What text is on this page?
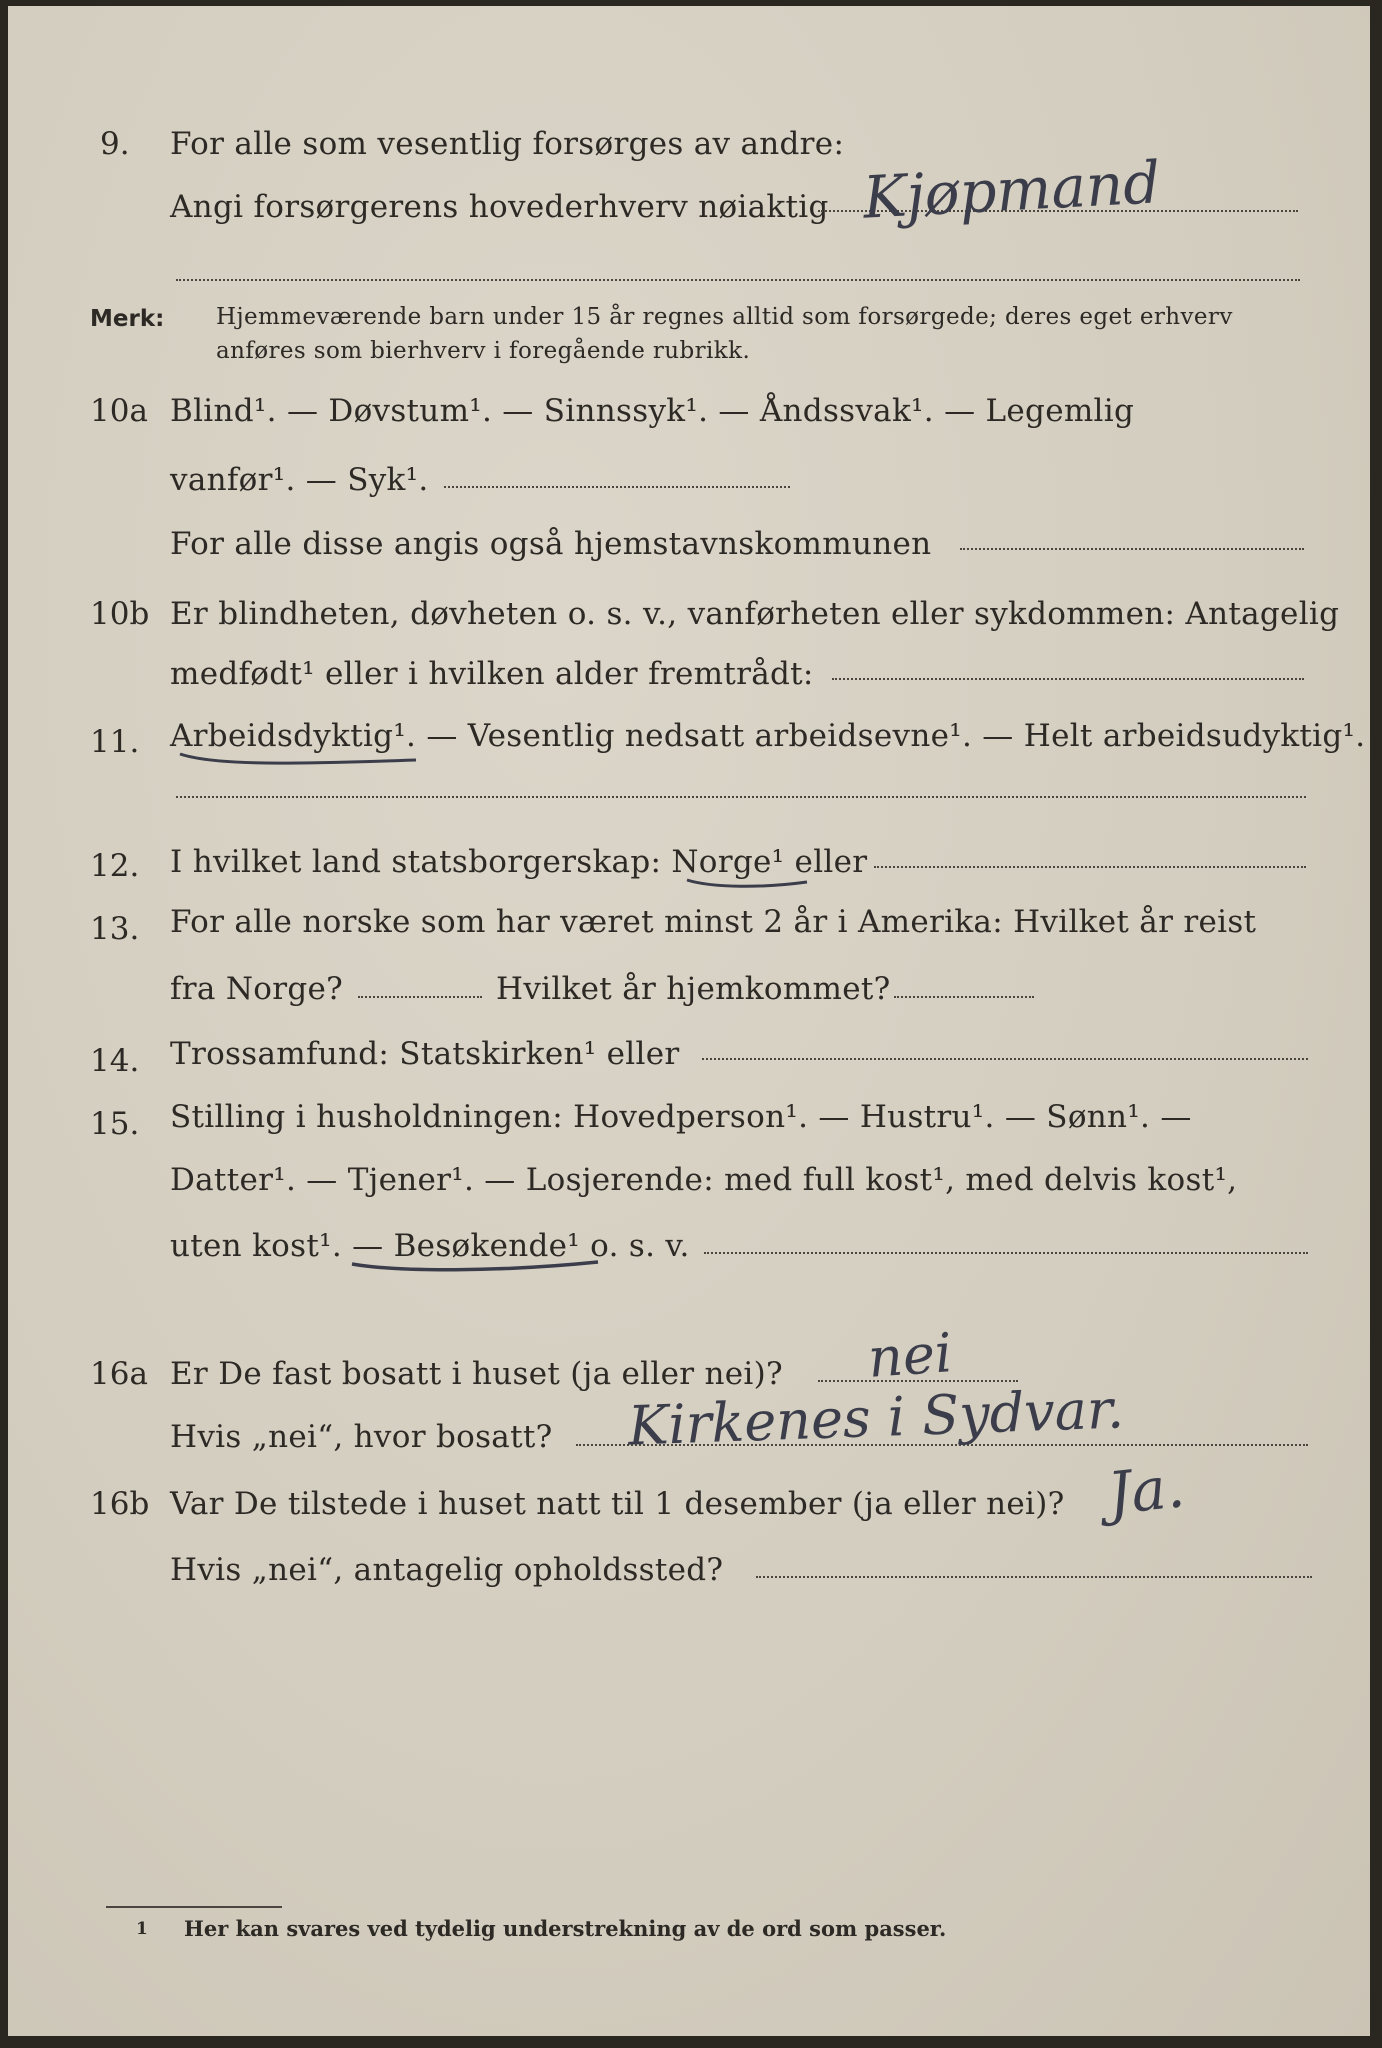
9. For alle som vesentlig forsørges av andre:
Angi forsørgerens hovederhverv nøiaktig Kjøpmand
Merk: Hjemmeværende barn under 15 år regnes alltid som forsørgede; deres eget erhverv
anføres som bierhverv i foregående rubrikk.
10a Blind¹. — Døvstum¹. — Sinnssyk¹. — Åndssvak¹. — Legemlig
vanfør¹. — Syk¹.
For alle disse angis også hjemstavnskommunen
10b Er blindheten, døvheten o. s. v., vanførheten eller sykdommen: Antagelig
medfødt¹ eller i hvilken alder fremtrådt:
11. Arbeidsdyktig¹. — Vesentlig nedsatt arbeidsevne¹. — Helt arbeidsudyktig¹.
12. I hvilket land statsborgerskap: Norge¹ eller
13. For alle norske som har været minst 2 år i Amerika: Hvilket år reist
fra Norge?	Hvilket år hjemkommet?
14. Trossamfund: Statskirken¹ eller
15. Stilling i husholdningen: Hovedperson¹. — Hustru¹. — Sønn¹. —
Datter¹. — Tjener¹. — Losjerende: med full kost¹, med delvis kost¹,
uten kost¹. — Besøkende¹ o. s. v.
16a Er De fast bosatt i huset (ja eller nei)? nei
Hvis „nei“, hvor bosatt? Kirkenes i Sydvar.
16b Var De tilstede i huset natt til 1 desember (ja eller nei)? Ja.
Hvis „nei“, antagelig opholdssted?
1 Her kan svares ved tydelig understrekning av de ord som passer.
